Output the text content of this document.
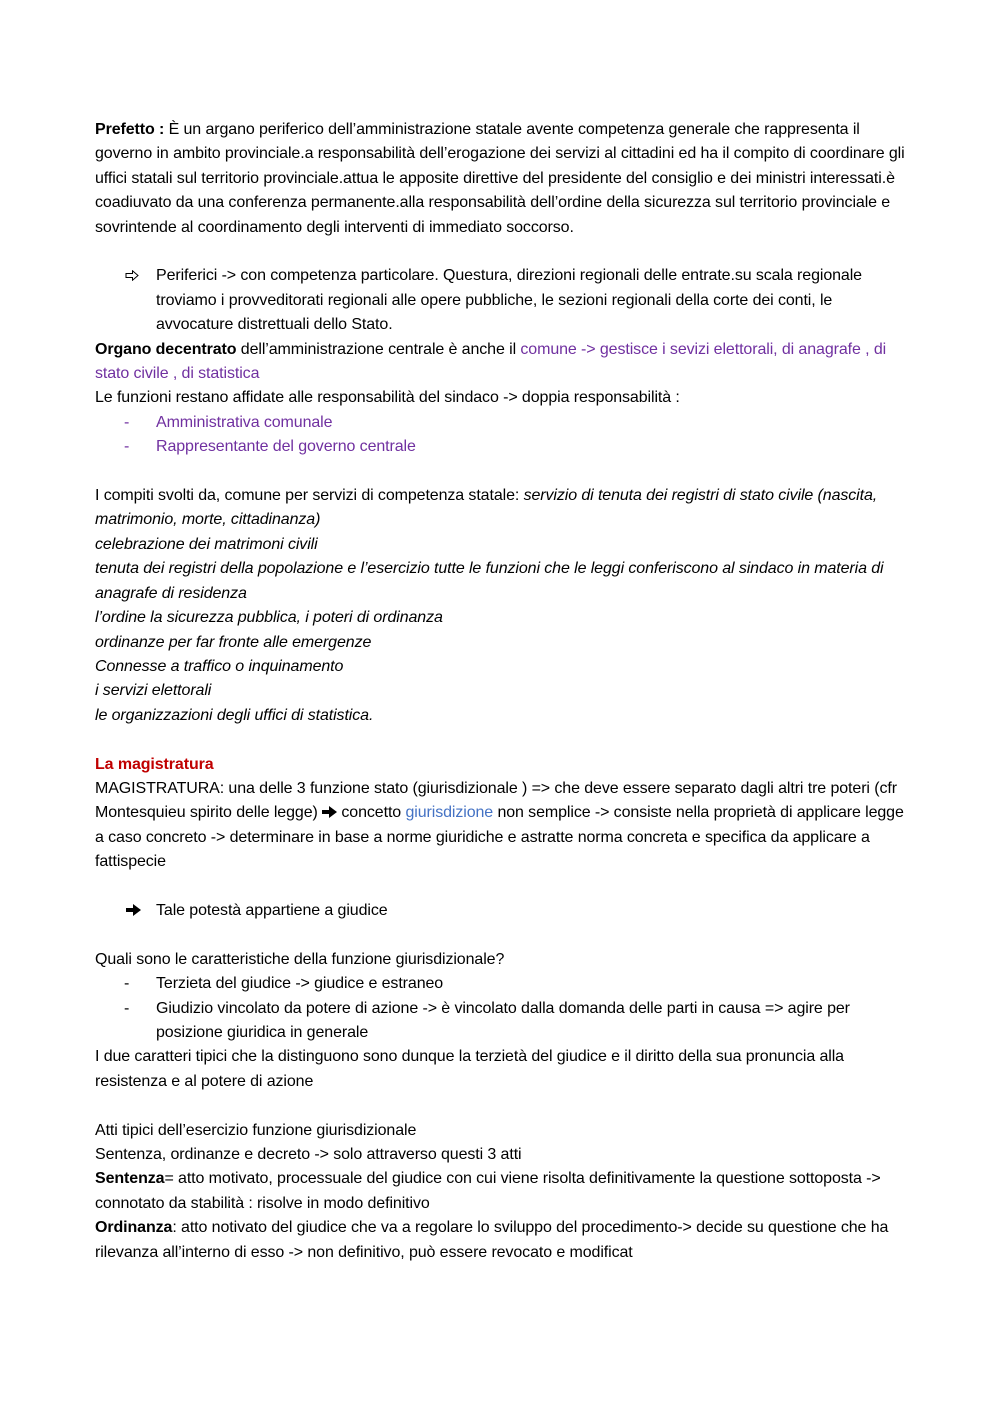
Prefetto : È un argano periferico dell’amministrazione statale avente competenza generale che rappresenta il governo in ambito provinciale.a responsabilità dell’erogazione dei servizi al cittadini ed ha il compito di coordinare gli uffici statali sul territorio provinciale.attua le apposite direttive del presidente del consiglio e dei ministri interessati.è coadiuvato da una conferenza permanente.alla responsabilità dell’ordine della sicurezza sul territorio provinciale e sovrintende al coordinamento degli interventi di immediato soccorso.

Periferici -> con competenza particolare. Questura, direzioni regionali delle entrate.su scala regionale troviamo i provveditorati regionali alle opere pubbliche, le sezioni regionali della corte dei conti, le avvocature distrettuali dello Stato.

Organo decentrato dell’amministrazione centrale è anche il comune -> gestisce i sevizi elettorali, di anagrafe , di stato civile , di statistica

Le funzioni restano affidate alle responsabilità del sindaco -> doppia responsabilità :

-	Amministrativa comunale
-	Rappresentante del governo centrale

I compiti svolti da, comune per servizi di competenza statale: servizio di tenuta dei registri di stato civile (nascita, matrimonio, morte, cittadinanza)

celebrazione dei matrimoni civili

tenuta dei registri della popolazione e l’esercizio tutte le funzioni che le leggi conferiscono al sindaco in materia di anagrafe di residenza

l’ordine la sicurezza pubblica, i poteri di ordinanza

ordinanze per far fronte alle emergenze

Connesse a traffico o inquinamento

i servizi elettorali

le organizzazioni degli uffici di statistica.

La magistratura

MAGISTRATURA: una delle 3 funzione stato (giurisdizionale ) => che deve essere separato dagli altri tre poteri (cfr Montesquieu spirito delle legge)  concetto giurisdizione non semplice -> consiste nella proprietà di applicare legge a caso concreto -> determinare in base a norme giuridiche e astratte norma concreta e specifica da applicare a fattispecie

Tale potestà appartiene a giudice

Quali sono le caratteristiche della funzione giurisdizionale?

-	Terzieta del giudice -> giudice e estraneo
-	Giudizio vincolato da potere di azione -> è vincolato dalla domanda delle parti in causa => agire per posizione giuridica in generale

I due caratteri tipici che la distinguono sono dunque la terzietà del giudice e il diritto della sua pronuncia alla resistenza e al potere di azione

Atti tipici dell’esercizio funzione giurisdizionale

Sentenza, ordinanze e decreto -> solo attraverso questi 3 atti

Sentenza= atto motivato, processuale del giudice con cui viene risolta definitivamente la questione sottoposta -> connotato da stabilità : risolve in modo definitivo

Ordinanza: atto notivato del giudice che va a regolare lo sviluppo del procedimento-> decide su questione che ha rilevanza all’interno di esso -> non definitivo, può essere revocato e modificat
